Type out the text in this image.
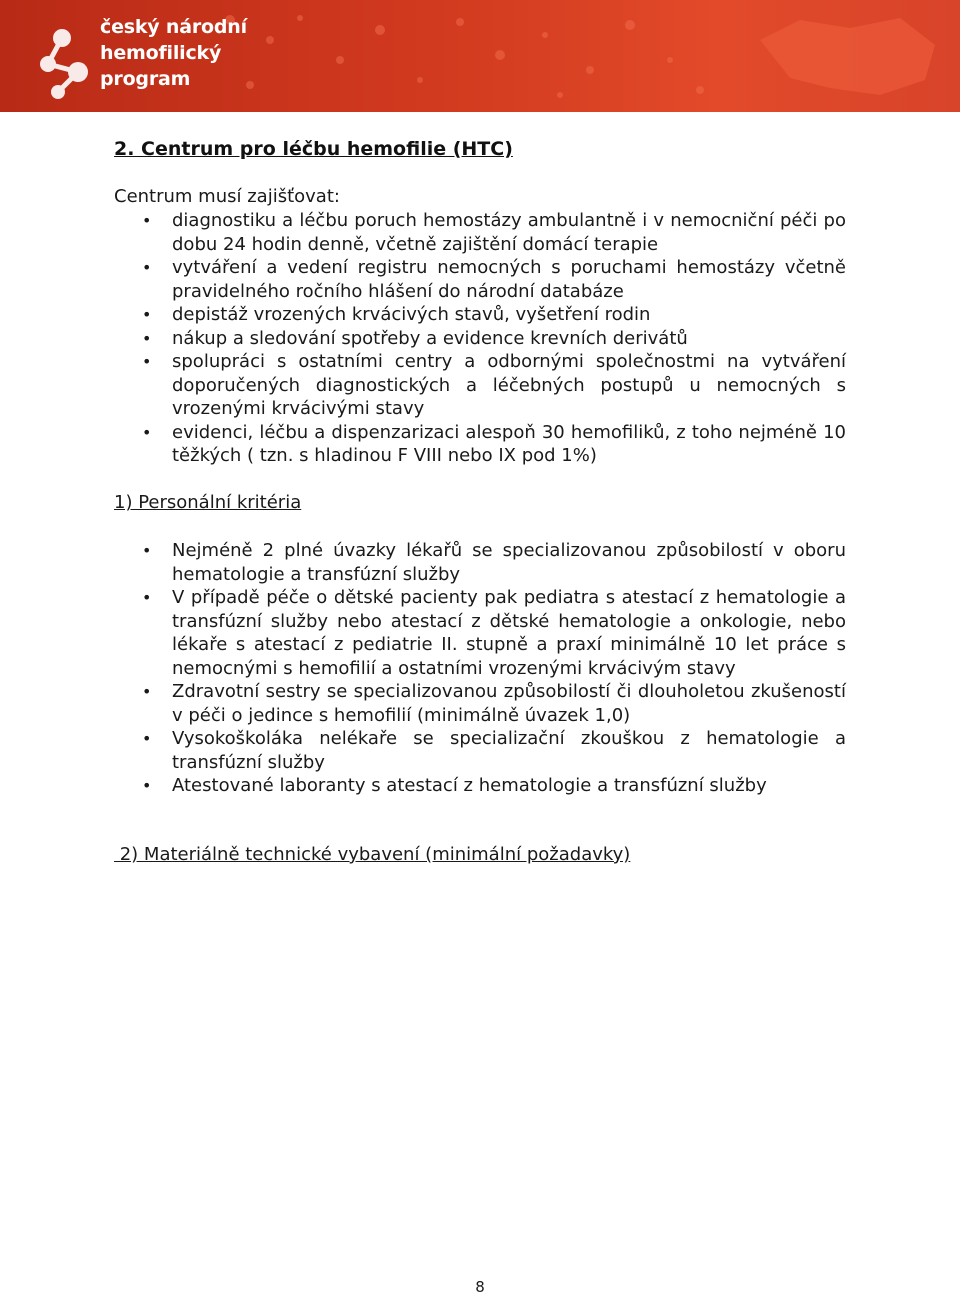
český národní
hemofilický
program
2. Centrum pro léčbu hemofilie (HTC)
Centrum musí zajišťovat:
• diagnostiku a léčbu poruch hemostázy ambulantně i v nemocniční péči po dobu 24 hodin denně, včetně zajištění domácí terapie
• vytváření a vedení registru nemocných s poruchami hemostázy včetně pravidelného ročního hlášení do národní databáze
• depistáž vrozených krvácivých stavů, vyšetření rodin
• nákup a sledování spotřeby a evidence krevních derivátů
• spolupráci s ostatními centry a odbornými společnostmi na vytváření doporučených diagnostických a léčebných postupů u nemocných s vrozenými krvácivými stavy
• evidenci, léčbu a dispenzarizaci alespoň 30 hemofiliků, z toho nejméně 10 těžkých ( tzn. s hladinou F VIII nebo IX pod 1%)
1) Personální kritéria
• Nejméně 2 plné úvazky lékařů se specializovanou způsobilostí v oboru hematologie a transfúzní služby
• V případě péče o dětské pacienty pak pediatra s atestací z hematologie a transfúzní služby nebo atestací z dětské hematologie a onkologie, nebo lékaře s atestací z pediatrie II. stupně a praxí minimálně 10 let práce s nemocnými s hemofilií a ostatními vrozenými krvácivým stavy
• Zdravotní sestry se specializovanou způsobilostí či dlouholetou zkušeností v péči o jedince s hemofilií (minimálně úvazek 1,0)
• Vysokoškoláka nelékaře se specializační zkouškou z hematologie a transfúzní služby
• Atestované laboranty s atestací z hematologie a transfúzní služby
2) Materiálně technické vybavení (minimální požadavky)
8
